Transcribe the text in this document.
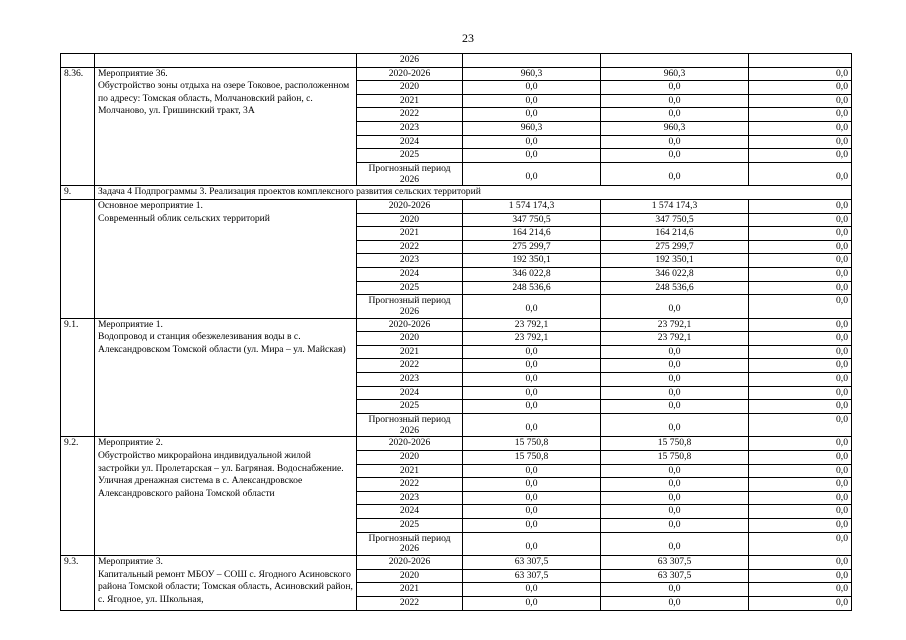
23
		2026			
8.36.	Мероприятие 36.
Обустройство зоны отдыха на озере Токовое, расположенном по адресу: Томская область, Молчановский район, с. Молчаново, ул. Гришинский тракт, 3А	2020-2026	960,3	960,3	0,0
		2020	0,0	0,0	0,0
		2021	0,0	0,0	0,0
		2022	0,0	0,0	0,0
		2023	960,3	960,3	0,0
		2024	0,0	0,0	0,0
		2025	0,0	0,0	0,0
		Прогнозный период 2026	0,0	0,0	0,0
9.	Задача 4 Подпрограммы 3. Реализация проектов комплексного развития сельских территорий				

	Основное мероприятие 1.
Современный облик сельских территорий	2020-2026	1 574 174,3	1 574 174,3	0,0
		2020	347 750,5	347 750,5	0,0
		2021	164 214,6	164 214,6	0,0
		2022	275 299,7	275 299,7	0,0
		2023	192 350,1	192 350,1	0,0
		2024	346 022,8	346 022,8	0,0
		2025	248 536,6	248 536,6	0,0
		Прогнозный период 2026	0,0	0,0	0,0
9.1.	Мероприятие 1.
Водопровод и станция обезжелезивания воды в с. Александровском Томской области (ул. Мира – ул. Майская)	2020-2026	23 792,1	23 792,1	0,0
		2020	23 792,1	23 792,1	0,0
		2021	0,0	0,0	0,0
		2022	0,0	0,0	0,0
		2023	0,0	0,0	0,0
		2024	0,0	0,0	0,0
		2025	0,0	0,0	0,0
		Прогнозный период 2026	0,0	0,0	0,0
9.2.	Мероприятие 2.
Обустройство микрорайона индивидуальной жилой застройки ул. Пролетарская – ул. Багряная. Водоснабжение. Уличная дренажная система в с. Александровское Александровского района Томской области	2020-2026	15 750,8	15 750,8	0,0
		2020	15 750,8	15 750,8	0,0
		2021	0,0	0,0	0,0
		2022	0,0	0,0	0,0
		2023	0,0	0,0	0,0
		2024	0,0	0,0	0,0
		2025	0,0	0,0	0,0
		Прогнозный период 2026	0,0	0,0	0,0
9.3.	Мероприятие 3.
Капитальный ремонт МБОУ – СОШ с. Ягодного Асиновского района Томской области; Томская область, Асиновский район, с. Ягодное, ул. Школьная,	2020-2026	63 307,5	63 307,5	0,0
		2020	63 307,5	63 307,5	0,0
		2021	0,0	0,0	0,0
		2022	0,0	0,0	0,0
